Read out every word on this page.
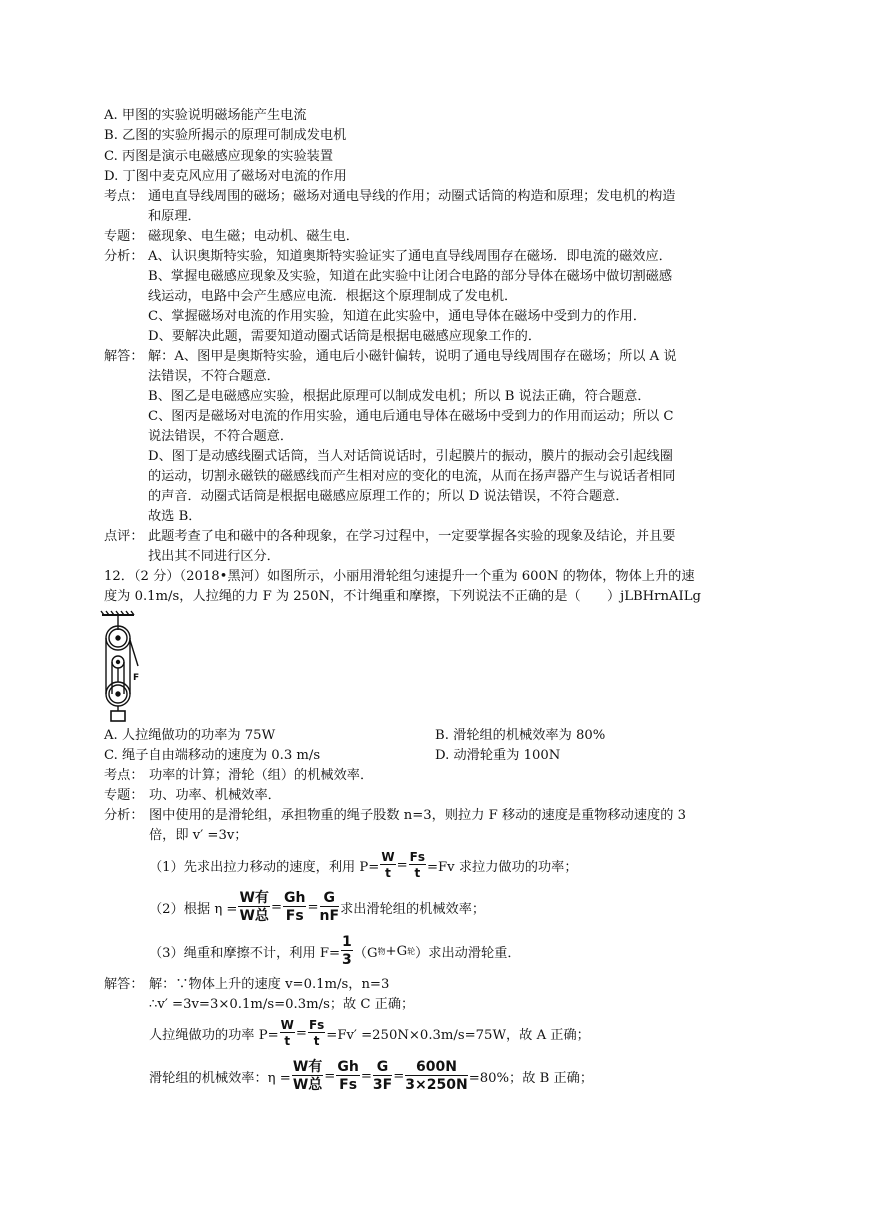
A. 甲图的实验说明磁场能产生电流
B. 乙图的实验所揭示的原理可制成发电机
C. 丙图是演示电磁感应现象的实验装置
D. 丁图中麦克风应用了磁场对电流的作用
考点： 通电直导线周围的磁场；磁场对通电导线的作用；动圈式话筒的构造和原理；发电机的构造
和原理．
专题： 磁现象、电生磁；电动机、磁生电．
分析： A、认识奥斯特实验，知道奥斯特实验证实了通电直导线周围存在磁场．即电流的磁效应．
B、掌握电磁感应现象及实验，知道在此实验中让闭合电路的部分导体在磁场中做切割磁感
线运动，电路中会产生感应电流．根据这个原理制成了发电机．
C、掌握磁场对电流的作用实验，知道在此实验中，通电导体在磁场中受到力的作用．
D、要解决此题，需要知道动圈式话筒是根据电磁感应现象工作的．
解答： 解：A、图甲是奥斯特实验，通电后小磁针偏转，说明了通电导线周围存在磁场；所以 A 说
法错误，不符合题意．
B、图乙是电磁感应实验，根据此原理可以制成发电机；所以 B 说法正确，符合题意．
C、图丙是磁场对电流的作用实验，通电后通电导体在磁场中受到力的作用而运动；所以 C
说法错误，不符合题意．
D、图丁是动感线圈式话筒，当人对话筒说话时，引起膜片的振动，膜片的振动会引起线圈
的运动，切割永磁铁的磁感线而产生相对应的变化的电流，从而在扬声器产生与说话者相同
的声音．动圈式话筒是根据电磁感应原理工作的；所以 D 说法错误，不符合题意．
故选 B．
点评： 此题考查了电和磁中的各种现象，在学习过程中，一定要掌握各实验的现象及结论，并且要
找出其不同进行区分．
12．（2 分）（2018•黑河）如图所示，小丽用滑轮组匀速提升一个重为 600N 的物体，物体上升的速
度为 0.1m/s，人拉绳的力 F 为 250N，不计绳重和摩擦，下列说法不正确的是（　　）jLBHrnAILg
F
A. 人拉绳做功的功率为 75W	B. 滑轮组的机械效率为 80%
C. 绳子自由端移动的速度为 0.3 m/s	D. 动滑轮重为 100N
考点： 功率的计算；滑轮（组）的机械效率．
专题： 功、功率、机械效率．
分析： 图中使用的是滑轮组，承担物重的绳子股数 n=3，则拉力 F 移动的速度是重物移动速度的 3
倍，即 v′ =3v；
（1）先求出拉力移动的速度，利用 $P= \frac{W}{t} = \frac{Fs}{t} =Fv$ 求拉力做功的功率；
（2）根据 $\eta = \frac{\text{W有}}{\text{W总}} = \frac{Gh}{Fs} = \frac{G}{nF}$ 求出滑轮组的机械效率；
（3）绳重和摩擦不计，利用 $F= \frac{1}{3} (G$ 物 +G 轮 ）求出动滑轮重．
解答： 解：∵物体上升的速度 v=0.1m/s，n=3
∴v′ =3v=3×0.1m/s=0.3m/s；故 C 正确；
人拉绳做功的功率 $P= \frac{W}{t} = \frac{Fs}{t} =Fv' =250N\times 0.3m/s=75W$，故 A 正确；
滑轮组的机械效率：$\eta = \frac{\text{W有}}{\text{W总}} = \frac{Gh}{Fs} = \frac{G}{3F} = \frac{600N}{3\times 250N} =80\%$；故 B 正确；
